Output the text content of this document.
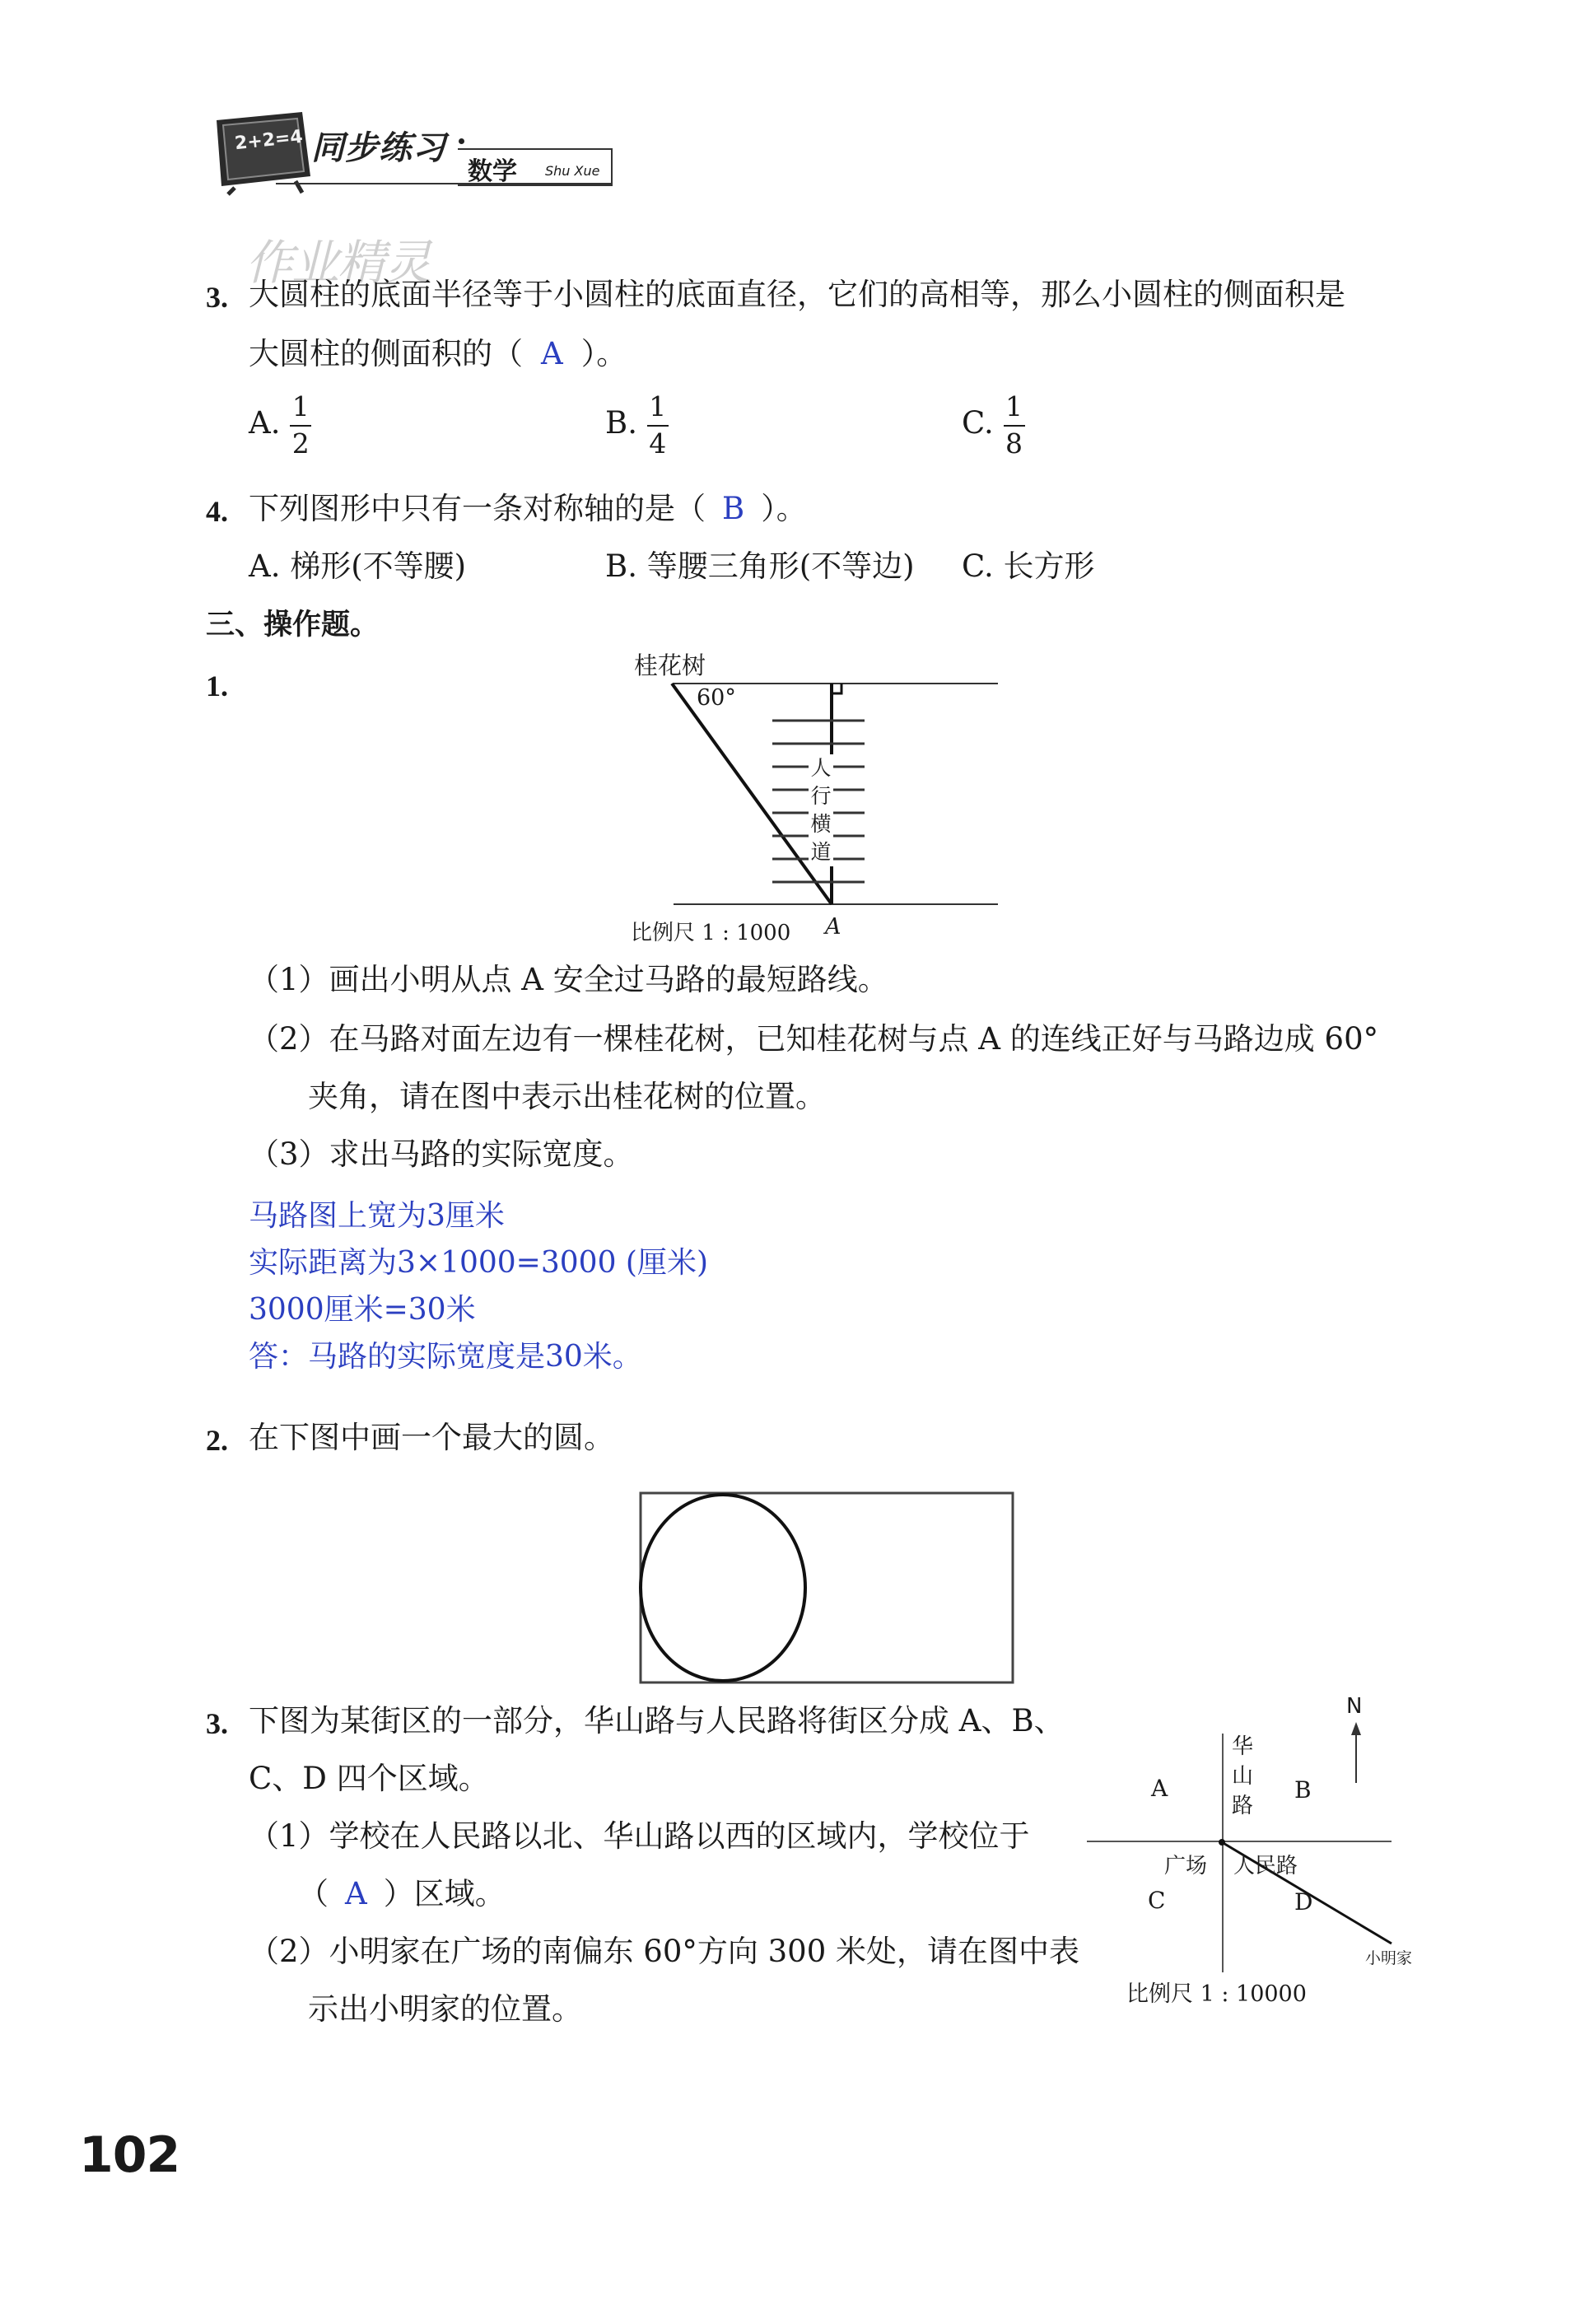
2+2=4 同步练习
数学 Shu Xue
作业精灵
3. 大圆柱的底面半径等于小圆柱的底面直径，它们的高相等，那么小圆柱的侧面积是
大圆柱的侧面积的（ A ）。
A. $\frac{1}{2}$	B. $\frac{1}{4}$	C. $\frac{1}{8}$
4. 下列图形中只有一条对称轴的是（ B ）。
A. 梯形(不等腰)	B. 等腰三角形(不等边) C. 长方形
三、操作题。
1.
桂花树
60°
人
行
横
道
比例尺 1 : 1000 A
（1）画出小明从点 A 安全过马路的最短路线。
（2）在马路对面左边有一棵桂花树，已知桂花树与点 A 的连线正好与马路边成 60°
夹角，请在图中表示出桂花树的位置。
（3）求出马路的实际宽度。
马路图上宽为3厘米
实际距离为3×1000=3000 (厘米)
3000厘米=30米
答：马路的实际宽度是30米。
2. 在下图中画一个最大的圆。
3. 下图为某街区的一部分，华山路与人民路将街区分成 A、B、
C、D 四个区域。
（1）学校在人民路以北、华山路以西的区域内，学校位于
（ A ）区域。
（2）小明家在广场的南偏东 60°方向 300 米处，请在图中表
示出小明家的位置。
N
华
山
路
人民路
广场
A	B
C	D
小明家
比例尺 1 : 10000
102
